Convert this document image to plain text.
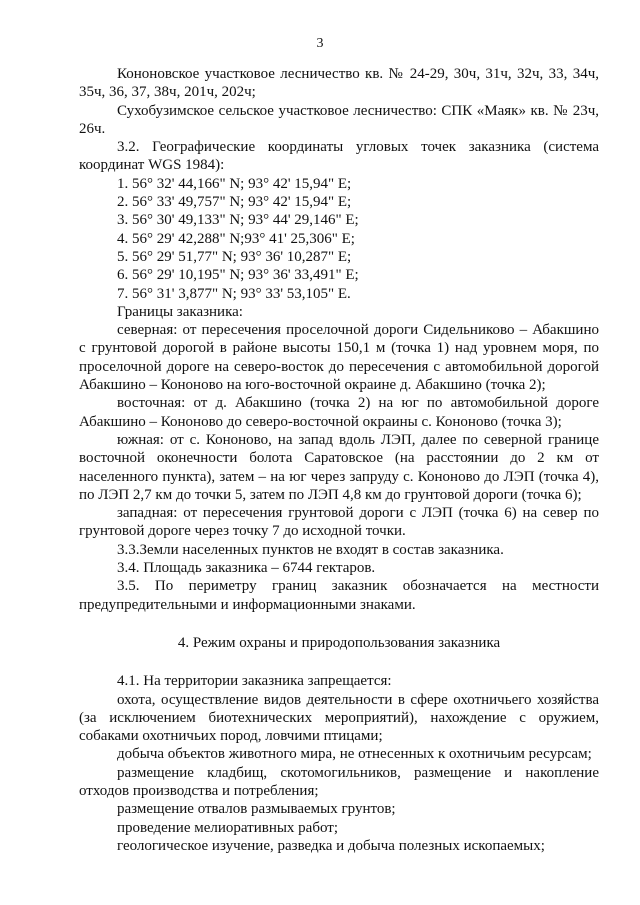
3

Кононовское участковое лесничество кв. № 24-29, 30ч, 31ч, 32ч, 33, 34ч, 35ч, 36, 37, 38ч, 201ч, 202ч;

Сухобузимское сельское участковое лесничество: СПК «Маяк» кв. № 23ч, 26ч.

3.2. Географические координаты угловых точек заказника (система координат WGS 1984):

1. 56° 32' 44,166" N; 93° 42' 15,94" E;

2. 56° 33' 49,757" N; 93° 42' 15,94" E;

3. 56° 30' 49,133" N; 93° 44' 29,146" E;

4. 56° 29' 42,288" N;93° 41' 25,306" E;

5. 56° 29' 51,77" N; 93° 36' 10,287" E;

6. 56° 29' 10,195" N; 93° 36' 33,491" E;

7. 56° 31' 3,877" N; 93° 33' 53,105" E.

Границы заказника:

северная: от пересечения проселочной дороги Сидельниково – Абакшино с грунтовой дорогой в районе высоты 150,1 м (точка 1) над уровнем моря, по проселочной дороге на северо-восток до пересечения с автомобильной дорогой Абакшино – Кононово на юго-восточной окраине д. Абакшино (точка 2);

восточная: от д. Абакшино (точка 2) на юг по автомобильной дороге Абакшино – Кононово до северо-восточной окраины с. Кононово (точка 3);

южная: от с. Кононово, на запад вдоль ЛЭП, далее по северной границе восточной оконечности болота Саратовское (на расстоянии до 2 км от населенного пункта), затем – на юг через запруду с. Кононово до ЛЭП (точка 4), по ЛЭП 2,7 км до точки 5, затем по ЛЭП 4,8 км до грунтовой дороги (точка 6);

западная: от пересечения грунтовой дороги с ЛЭП (точка 6) на север по грунтовой дороге через точку 7 до исходной точки.

3.3.Земли населенных пунктов не входят в состав заказника.

3.4. Площадь заказника – 6744 гектаров.

3.5. По периметру границ заказник обозначается на местности предупредительными и информационными знаками.

4. Режим охраны и природопользования заказника

4.1. На территории заказника запрещается:

охота, осуществление видов деятельности в сфере охотничьего хозяйства (за исключением биотехнических мероприятий), нахождение с оружием, собаками охотничьих пород, ловчими птицами;

добыча объектов животного мира, не отнесенных к охотничьим ресурсам;

размещение кладбищ, скотомогильников, размещение и накопление отходов производства и потребления;

размещение отвалов размываемых грунтов;

проведение мелиоративных работ;

геологическое изучение, разведка и добыча полезных ископаемых;
